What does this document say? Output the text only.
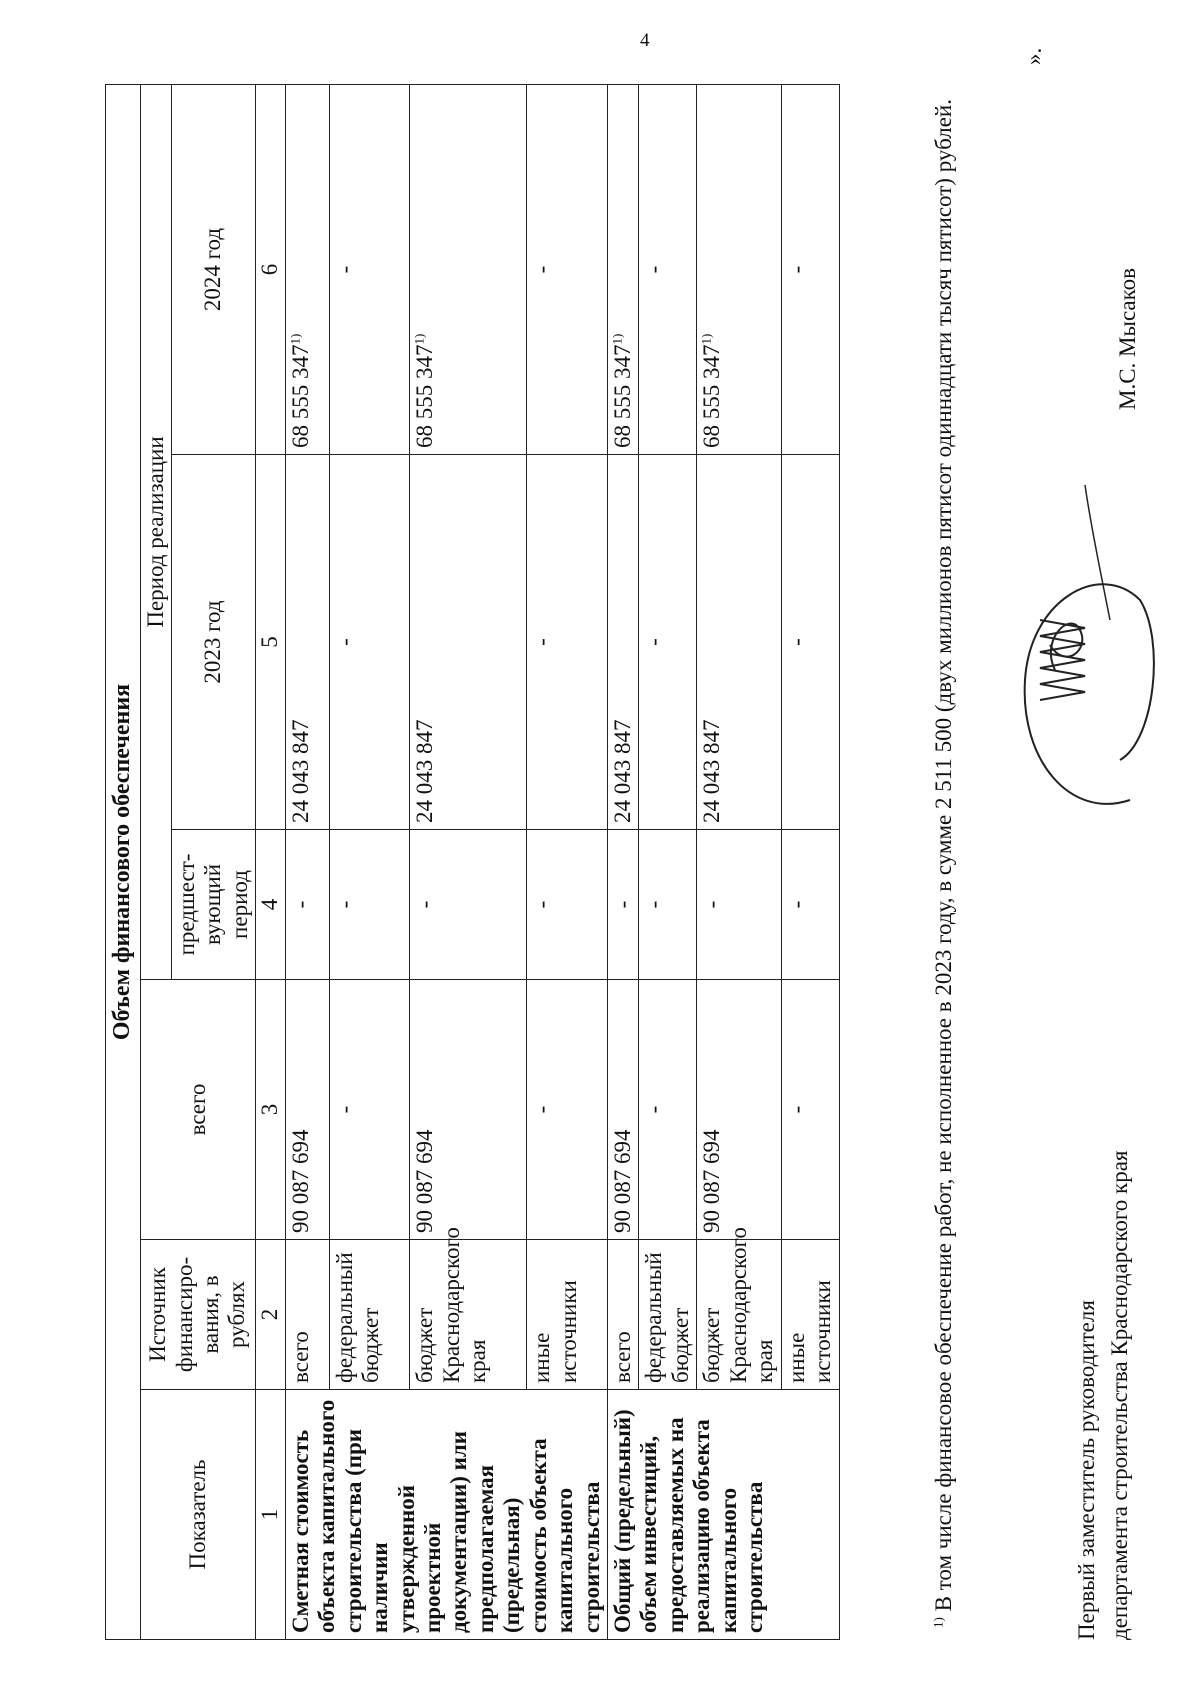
4
Объем финансового обеспечения					
Показатель	Источник финансиро-вания, в рублях	всего	Период реализации		
			предшест-вующий период	2023 год	2024 год
1	2	3	4	5	6
Сметная стоимость объекта капитального строительства (при наличии утвержденной проектной документации) или предполагаемая (предельная) стоимость объекта капитального строительства	всего	90 087 694	-	24 043 847	68 555 347$^{1)}$
	федеральный бюджет	-	-	-	-
	бюджет Краснодарского края	90 087 694	-	24 043 847	68 555 347$^{1)}$
	иные источники	-	-	-	-
Общий (предельный) объем инвестиций, предоставляемых на реализацию объекта капитального строительства	всего	90 087 694	-	24 043 847	68 555 347$^{1)}$
	федеральный бюджет	-	-	-	-
	бюджет Краснодарского края	90 087 694	-	24 043 847	68 555 347$^{1)}$
	иные источники	-	-	-	-
$^{1)}$ В том числе финансовое обеспечение работ, не исполненное в 2023 году, в сумме 2 511 500 (двух миллионов пятисот одиннадцати тысяч пятисот) рублей.
».
Первый заместитель руководителя департамента строительства Краснодарского края
М.С. Мысаков
